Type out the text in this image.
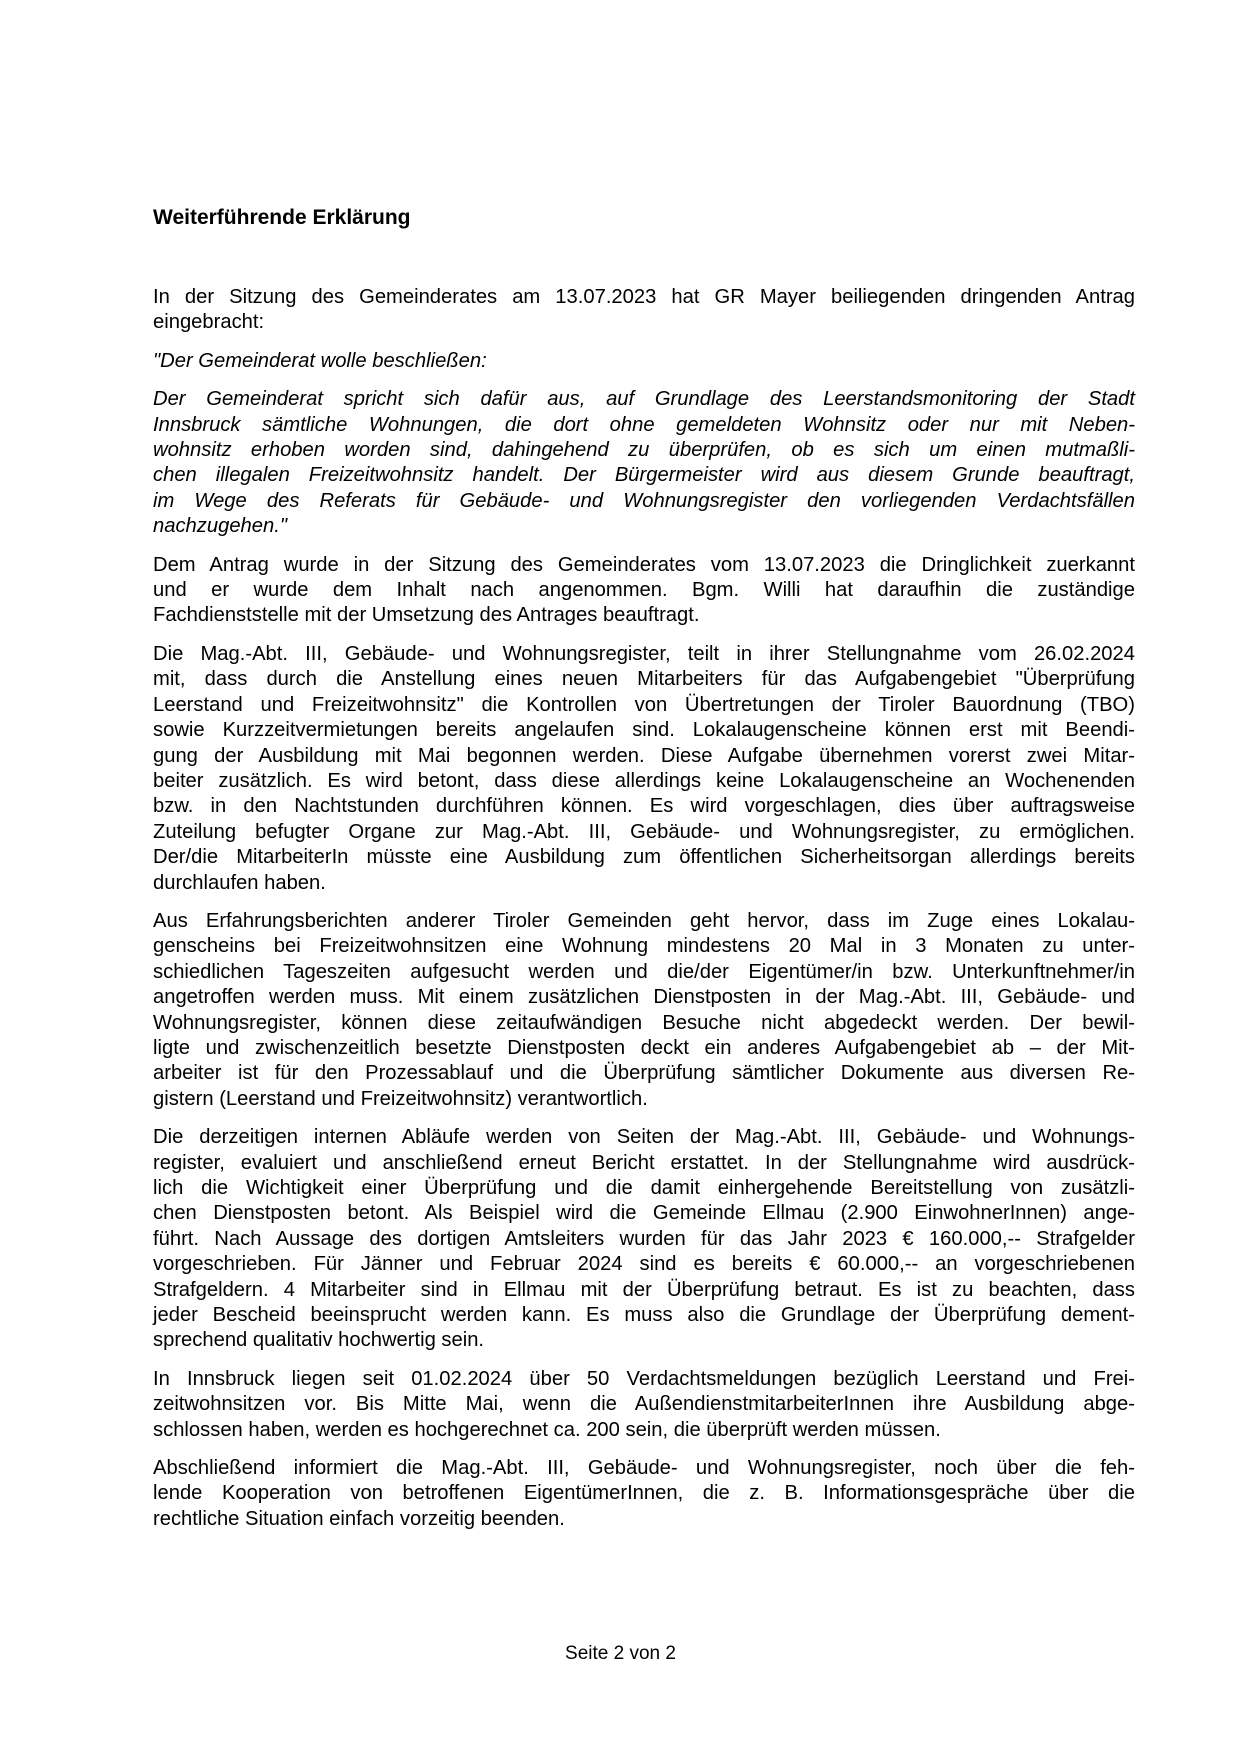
Weiterführende Erklärung
In der Sitzung des Gemeinderates am 13.07.2023 hat GR Mayer beiliegenden dringenden Antrag
eingebracht:
"Der Gemeinderat wolle beschließen:
Der Gemeinderat spricht sich dafür aus, auf Grundlage des Leerstandsmonitoring der Stadt
Innsbruck sämtliche Wohnungen, die dort ohne gemeldeten Wohnsitz oder nur mit Neben-
wohnsitz erhoben worden sind, dahingehend zu überprüfen, ob es sich um einen mutmaßli-
chen illegalen Freizeitwohnsitz handelt. Der Bürgermeister wird aus diesem Grunde beauftragt,
im Wege des Referats für Gebäude- und Wohnungsregister den vorliegenden Verdachtsfällen
nachzugehen."
Dem Antrag wurde in der Sitzung des Gemeinderates vom 13.07.2023 die Dringlichkeit zuerkannt
und er wurde dem Inhalt nach angenommen. Bgm. Willi hat daraufhin die zuständige
Fachdienststelle mit der Umsetzung des Antrages beauftragt.
Die Mag.-Abt. III, Gebäude- und Wohnungsregister, teilt in ihrer Stellungnahme vom 26.02.2024
mit, dass durch die Anstellung eines neuen Mitarbeiters für das Aufgabengebiet "Überprüfung
Leerstand und Freizeitwohnsitz" die Kontrollen von Übertretungen der Tiroler Bauordnung (TBO)
sowie Kurzzeitvermietungen bereits angelaufen sind. Lokalaugenscheine können erst mit Beendi-
gung der Ausbildung mit Mai begonnen werden. Diese Aufgabe übernehmen vorerst zwei Mitar-
beiter zusätzlich. Es wird betont, dass diese allerdings keine Lokalaugenscheine an Wochenenden
bzw. in den Nachtstunden durchführen können. Es wird vorgeschlagen, dies über auftragsweise
Zuteilung befugter Organe zur Mag.-Abt. III, Gebäude- und Wohnungsregister, zu ermöglichen.
Der/die MitarbeiterIn müsste eine Ausbildung zum öffentlichen Sicherheitsorgan allerdings bereits
durchlaufen haben.
Aus Erfahrungsberichten anderer Tiroler Gemeinden geht hervor, dass im Zuge eines Lokalau-
genscheins bei Freizeitwohnsitzen eine Wohnung mindestens 20 Mal in 3 Monaten zu unter-
schiedlichen Tageszeiten aufgesucht werden und die/der Eigentümer/in bzw. Unterkunftnehmer/in
angetroffen werden muss. Mit einem zusätzlichen Dienstposten in der Mag.-Abt. III, Gebäude- und
Wohnungsregister, können diese zeitaufwändigen Besuche nicht abgedeckt werden. Der bewil-
ligte und zwischenzeitlich besetzte Dienstposten deckt ein anderes Aufgabengebiet ab – der Mit-
arbeiter ist für den Prozessablauf und die Überprüfung sämtlicher Dokumente aus diversen Re-
gistern (Leerstand und Freizeitwohnsitz) verantwortlich.
Die derzeitigen internen Abläufe werden von Seiten der Mag.-Abt. III, Gebäude- und Wohnungs-
register, evaluiert und anschließend erneut Bericht erstattet. In der Stellungnahme wird ausdrück-
lich die Wichtigkeit einer Überprüfung und die damit einhergehende Bereitstellung von zusätzli-
chen Dienstposten betont. Als Beispiel wird die Gemeinde Ellmau (2.900 EinwohnerInnen) ange-
führt. Nach Aussage des dortigen Amtsleiters wurden für das Jahr 2023 € 160.000,-- Strafgelder
vorgeschrieben. Für Jänner und Februar 2024 sind es bereits € 60.000,-- an vorgeschriebenen
Strafgeldern. 4 Mitarbeiter sind in Ellmau mit der Überprüfung betraut. Es ist zu beachten, dass
jeder Bescheid beeinsprucht werden kann. Es muss also die Grundlage der Überprüfung dement-
sprechend qualitativ hochwertig sein.
In Innsbruck liegen seit 01.02.2024 über 50 Verdachtsmeldungen bezüglich Leerstand und Frei-
zeitwohnsitzen vor. Bis Mitte Mai, wenn die AußendienstmitarbeiterInnen ihre Ausbildung abge-
schlossen haben, werden es hochgerechnet ca. 200 sein, die überprüft werden müssen.
Abschließend informiert die Mag.-Abt. III, Gebäude- und Wohnungsregister, noch über die feh-
lende Kooperation von betroffenen EigentümerInnen, die z. B. Informationsgespräche über die
rechtliche Situation einfach vorzeitig beenden.
Seite 2 von 2
